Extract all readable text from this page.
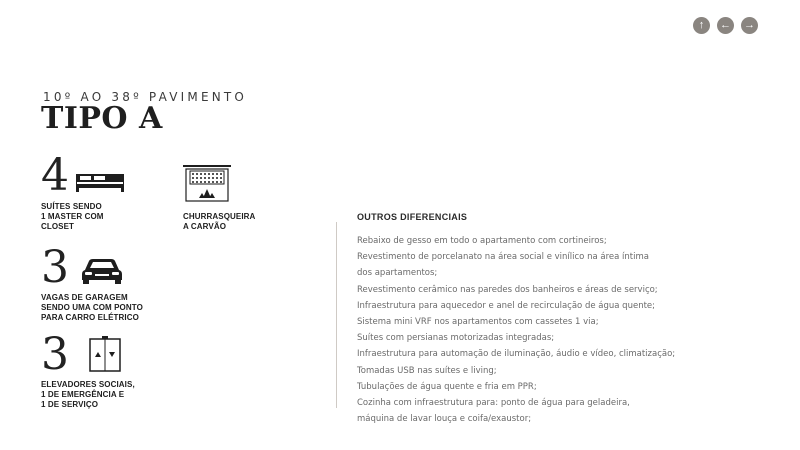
↑ ← →
10º AO 38º PAVIMENTO
TIPO A
4
SUÍTES SENDO
1 MASTER COM
CLOSET
CHURRASQUEIRA
A CARVÃO
3
VAGAS DE GARAGEM
SENDO UMA COM PONTO
PARA CARRO ELÉTRICO
3
ELEVADORES SOCIAIS,
1 DE EMERGÊNCIA E
1 DE SERVIÇO
OUTROS DIFERENCIAIS
Rebaixo de gesso em todo o apartamento com cortineiros;
Revestimento de porcelanato na área social e vinílico na área íntima
dos apartamentos;
Revestimento cerâmico nas paredes dos banheiros e áreas de serviço;
Infraestrutura para aquecedor e anel de recirculação de água quente;
Sistema mini VRF nos apartamentos com cassetes 1 via;
Suítes com persianas motorizadas integradas;
Infraestrutura para automação de iluminação, áudio e vídeo, climatização;
Tomadas USB nas suítes e living;
Tubulações de água quente e fria em PPR;
Cozinha com infraestrutura para: ponto de água para geladeira,
máquina de lavar louça e coifa/exaustor;
